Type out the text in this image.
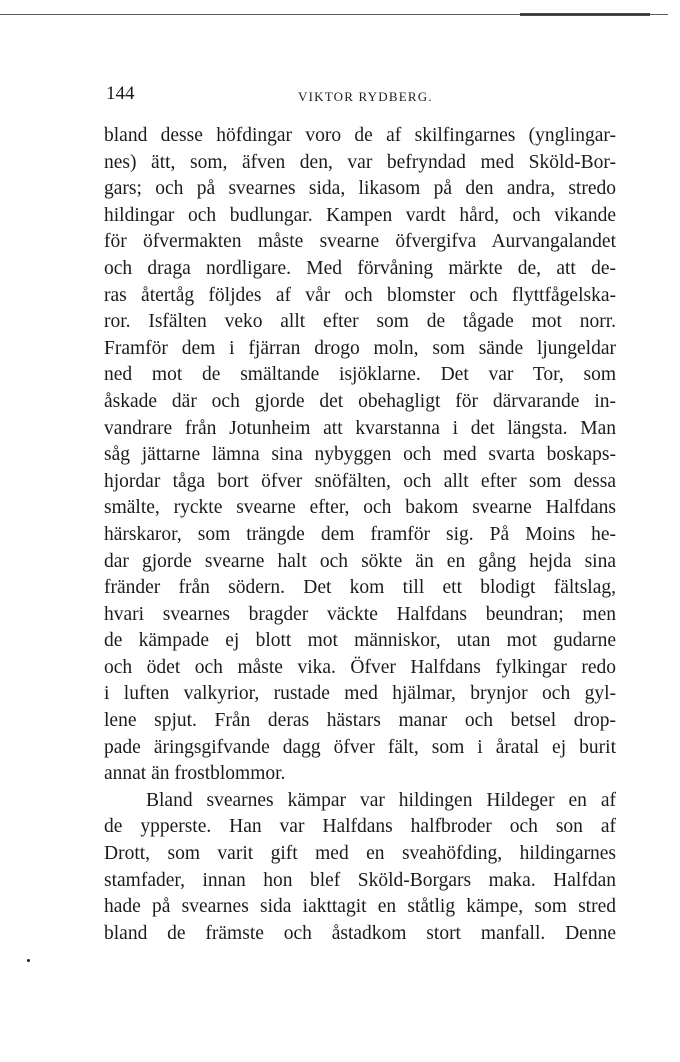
144	VIKTOR RYDBERG.
bland desse höfdingar voro de af skilfingarnes (ynglingar-
nes) ätt, som, äfven den, var befryndad med Sköld-Bor-
gars; och på svearnes sida, likasom på den andra, stredo
hildingar och budlungar. Kampen vardt hård, och vikande
för öfvermakten måste svearne öfvergifva Aurvangalandet
och draga nordligare. Med förvåning märkte de, att de-
ras återtåg följdes af vår och blomster och flyttfågelska-
ror. Isfälten veko allt efter som de tågade mot norr.
Framför dem i fjärran drogo moln, som sände ljungeldar
ned mot de smältande isjöklarne. Det var Tor, som
åskade där och gjorde det obehagligt för därvarande in-
vandrare från Jotunheim att kvarstanna i det längsta. Man
såg jättarne lämna sina nybyggen och med svarta boskaps-
hjordar tåga bort öfver snöfälten, och allt efter som dessa
smälte, ryckte svearne efter, och bakom svearne Halfdans
härskaror, som trängde dem framför sig. På Moins he-
dar gjorde svearne halt och sökte än en gång hejda sina
fränder från södern. Det kom till ett blodigt fältslag,
hvari svearnes bragder väckte Halfdans beundran; men
de kämpade ej blott mot människor, utan mot gudarne
och ödet och måste vika. Öfver Halfdans fylkingar redo
i luften valkyrior, rustade med hjälmar, brynjor och gyl-
lene spjut. Från deras hästars manar och betsel drop-
pade äringsgifvande dagg öfver fält, som i åratal ej burit
annat än frostblommor.
Bland svearnes kämpar var hildingen Hildeger en af
de ypperste. Han var Halfdans halfbroder och son af
Drott, som varit gift med en sveahöfding, hildingarnes
stamfader, innan hon blef Sköld-Borgars maka. Halfdan
hade på svearnes sida iakttagit en ståtlig kämpe, som stred
bland de främste och åstadkom stort manfall. Denne
